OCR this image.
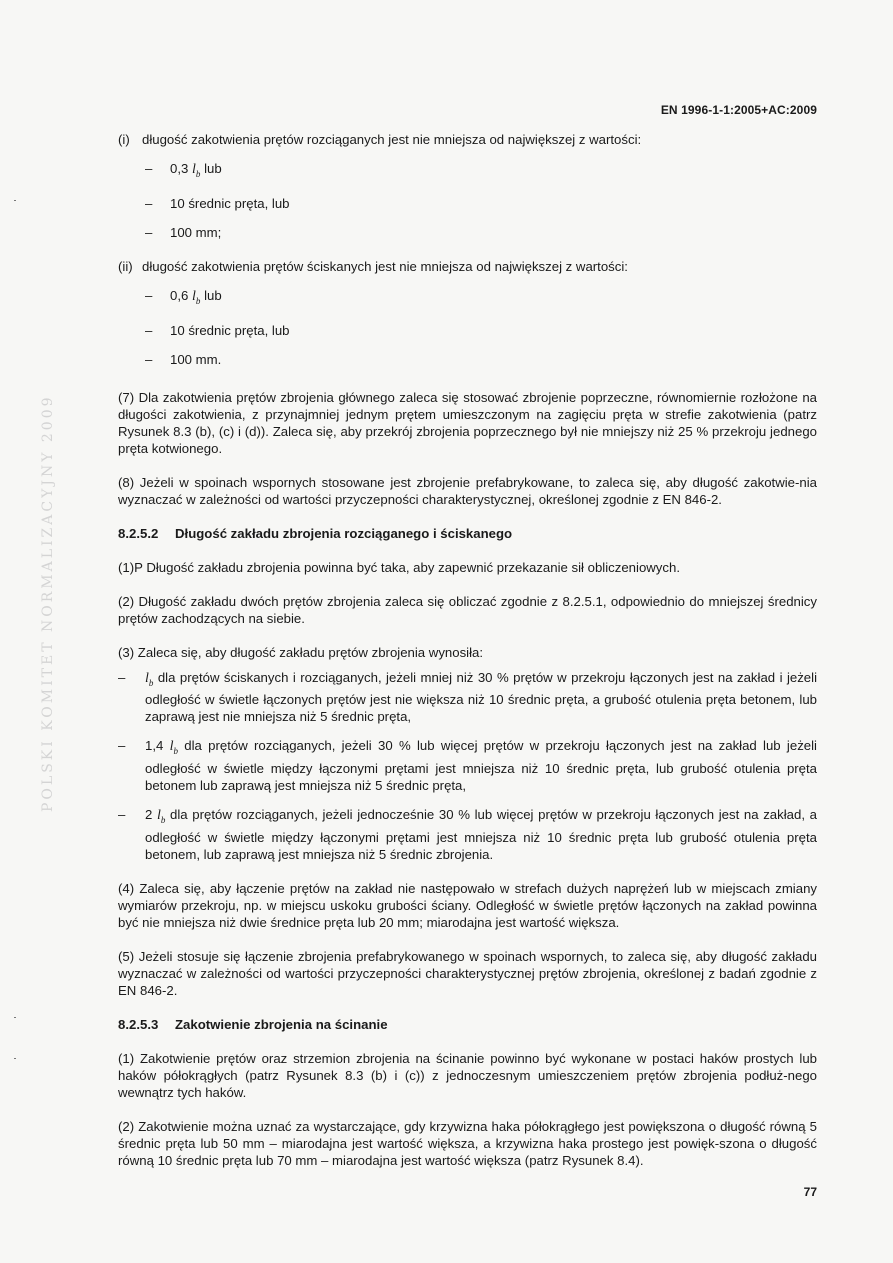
EN 1996-1-1:2005+AC:2009
POLSKI KOMITET NORMALIZACYJNY 2009
(i) długość zakotwienia prętów rozciąganych jest nie mniejsza od największej z wartości:
–	0,3 $l_b$ lub
–	10 średnic pręta, lub
–	100 mm;
(ii) długość zakotwienia prętów ściskanych jest nie mniejsza od największej z wartości:
–	0,6 $l_b$ lub
–	10 średnic pręta, lub
–	100 mm.

(7) Dla zakotwienia prętów zbrojenia głównego zaleca się stosować zbrojenie poprzeczne, równomiernie rozłożone na długości zakotwienia, z przynajmniej jednym prętem umieszczonym na zagięciu pręta w strefie zakotwienia (patrz Rysunek 8.3 (b), (c) i (d)). Zaleca się, aby przekrój zbrojenia poprzecznego był nie mniejszy niż 25 % przekroju jednego pręta kotwionego.

(8) Jeżeli w spoinach wspornych stosowane jest zbrojenie prefabrykowane, to zaleca się, aby długość zakotwie-nia wyznaczać w zależności od wartości przyczepności charakterystycznej, określonej zgodnie z EN 846-2.

8.2.5.2 Długość zakładu zbrojenia rozciąganego i ściskanego

(1)P Długość zakładu zbrojenia powinna być taka, aby zapewnić przekazanie sił obliczeniowych.

(2) Długość zakładu dwóch prętów zbrojenia zaleca się obliczać zgodnie z 8.2.5.1, odpowiednio do mniejszej średnicy prętów zachodzących na siebie.

(3) Zaleca się, aby długość zakładu prętów zbrojenia wynosiła:

–	$l_b$ dla prętów ściskanych i rozciąganych, jeżeli mniej niż 30 % prętów w przekroju łączonych jest na zakład i jeżeli odległość w świetle łączonych prętów jest nie większa niż 10 średnic pręta, a grubość otulenia pręta betonem, lub zaprawą jest nie mniejsza niż 5 średnic pręta,
–	1,4 $l_b$ dla prętów rozciąganych, jeżeli 30 % lub więcej prętów w przekroju łączonych jest na zakład lub jeżeli odległość w świetle między łączonymi prętami jest mniejsza niż 10 średnic pręta, lub grubość otulenia pręta betonem lub zaprawą jest mniejsza niż 5 średnic pręta,
–	2 $l_b$ dla prętów rozciąganych, jeżeli jednocześnie 30 % lub więcej prętów w przekroju łączonych jest na zakład, a odległość w świetle między łączonymi prętami jest mniejsza niż 10 średnic pręta lub grubość otulenia pręta betonem, lub zaprawą jest mniejsza niż 5 średnic zbrojenia.

(4) Zaleca się, aby łączenie prętów na zakład nie następowało w strefach dużych naprężeń lub w miejscach zmiany wymiarów przekroju, np. w miejscu uskoku grubości ściany. Odległość w świetle prętów łączonych na zakład powinna być nie mniejsza niż dwie średnice pręta lub 20 mm; miarodajna jest wartość większa.

(5) Jeżeli stosuje się łączenie zbrojenia prefabrykowanego w spoinach wspornych, to zaleca się, aby długość zakładu wyznaczać w zależności od wartości przyczepności charakterystycznej prętów zbrojenia, określonej z badań zgodnie z EN 846-2.

8.2.5.3 Zakotwienie zbrojenia na ścinanie

(1) Zakotwienie prętów oraz strzemion zbrojenia na ścinanie powinno być wykonane w postaci haków prostych lub haków półokrągłych (patrz Rysunek 8.3 (b) i (c)) z jednoczesnym umieszczeniem prętów zbrojenia podłuż-nego wewnątrz tych haków.

(2) Zakotwienie można uznać za wystarczające, gdy krzywizna haka półokrągłego jest powiększona o długość równą 5 średnic pręta lub 50 mm – miarodajna jest wartość większa, a krzywizna haka prostego jest powięk-szona o długość równą 10 średnic pręta lub 70 mm – miarodajna jest wartość większa (patrz Rysunek 8.4).

77
